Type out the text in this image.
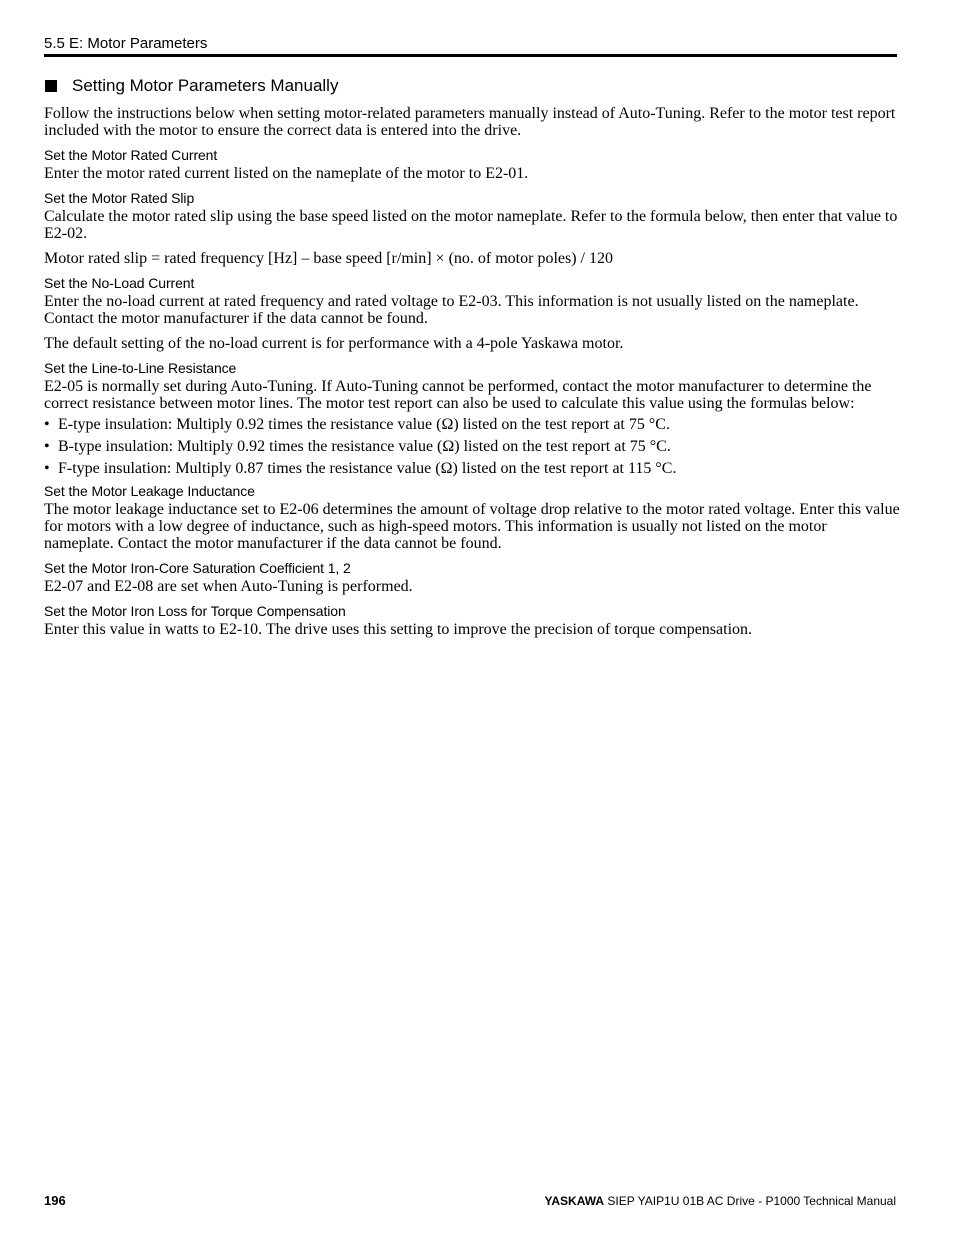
5.5 E: Motor Parameters
Setting Motor Parameters Manually

Follow the instructions below when setting motor-related parameters manually instead of Auto-Tuning. Refer to the motor test report included with the motor to ensure the correct data is entered into the drive.

Set the Motor Rated Current

Enter the motor rated current listed on the nameplate of the motor to E2-01.

Set the Motor Rated Slip

Calculate the motor rated slip using the base speed listed on the motor nameplate. Refer to the formula below, then enter that value to E2-02.

Motor rated slip = rated frequency [Hz] – base speed [r/min] × (no. of motor poles) / 120

Set the No-Load Current

Enter the no-load current at rated frequency and rated voltage to E2-03. This information is not usually listed on the nameplate. Contact the motor manufacturer if the data cannot be found.

The default setting of the no-load current is for performance with a 4-pole Yaskawa motor.

Set the Line-to-Line Resistance

E2-05 is normally set during Auto-Tuning. If Auto-Tuning cannot be performed, contact the motor manufacturer to determine the correct resistance between motor lines. The motor test report can also be used to calculate this value using the formulas below:

• E-type insulation: Multiply 0.92 times the resistance value (Ω) listed on the test report at 75 °C.
• B-type insulation: Multiply 0.92 times the resistance value (Ω) listed on the test report at 75 °C.
• F-type insulation: Multiply 0.87 times the resistance value (Ω) listed on the test report at 115 °C.
Set the Motor Leakage Inductance

The motor leakage inductance set to E2-06 determines the amount of voltage drop relative to the motor rated voltage. Enter this value for motors with a low degree of inductance, such as high-speed motors. This information is usually not listed on the motor nameplate. Contact the motor manufacturer if the data cannot be found.

Set the Motor Iron-Core Saturation Coefficient 1, 2

E2-07 and E2-08 are set when Auto-Tuning is performed.

Set the Motor Iron Loss for Torque Compensation

Enter this value in watts to E2-10. The drive uses this setting to improve the precision of torque compensation.

196	YASKAWA SIEP YAIP1U 01B AC Drive - P1000 Technical Manual
